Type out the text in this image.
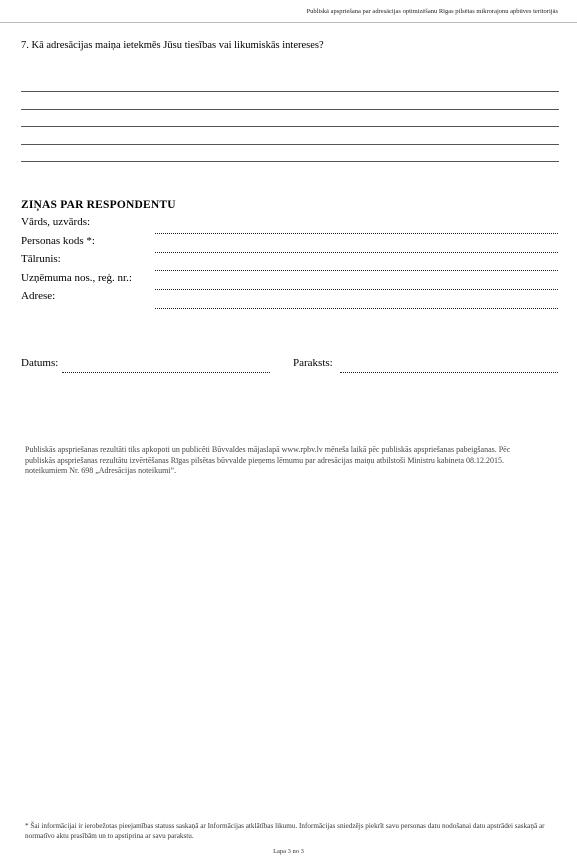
Publiskā apspriešana par adresācijas optimizēšanu Rīgas pilsētas mikrorajonu apbūves teritorijās
7. Kā adresācijas maiņa ietekmēs Jūsu tiesības vai likumiskās intereses?
ZIŅAS PAR RESPONDENTU
Vārds, uzvārds:
Personas kods *:
Tālrunis:
Uzņēmuma nos., reģ. nr.:
Adrese:
Datums:	Paraksts:
Publiskās apspriešanas rezultāti tiks apkopoti un publicēti Būvvaldes mājaslapā www.rpbv.lv mēneša laikā pēc publiskās apspriešanas pabeigšanas. Pēc publiskās apspriešanas rezultātu izvērtēšanas Rīgas pilsētas būvvalde pieņems lēmumu par adresācijas maiņu atbilstoši Ministru kabineta 08.12.2015. noteikumiem Nr. 698 „Adresācijas noteikumi”.
* Šai informācijai ir ierobežotas pieejamības statuss saskaņā ar Informācijas atklātības likumu. Informācijas sniedzējs piekrīt savu personas datu nodošanai datu apstrādei saskaņā ar normatīvo aktu prasībām un to apstiprina ar savu parakstu.
Lapa 3 no 3
